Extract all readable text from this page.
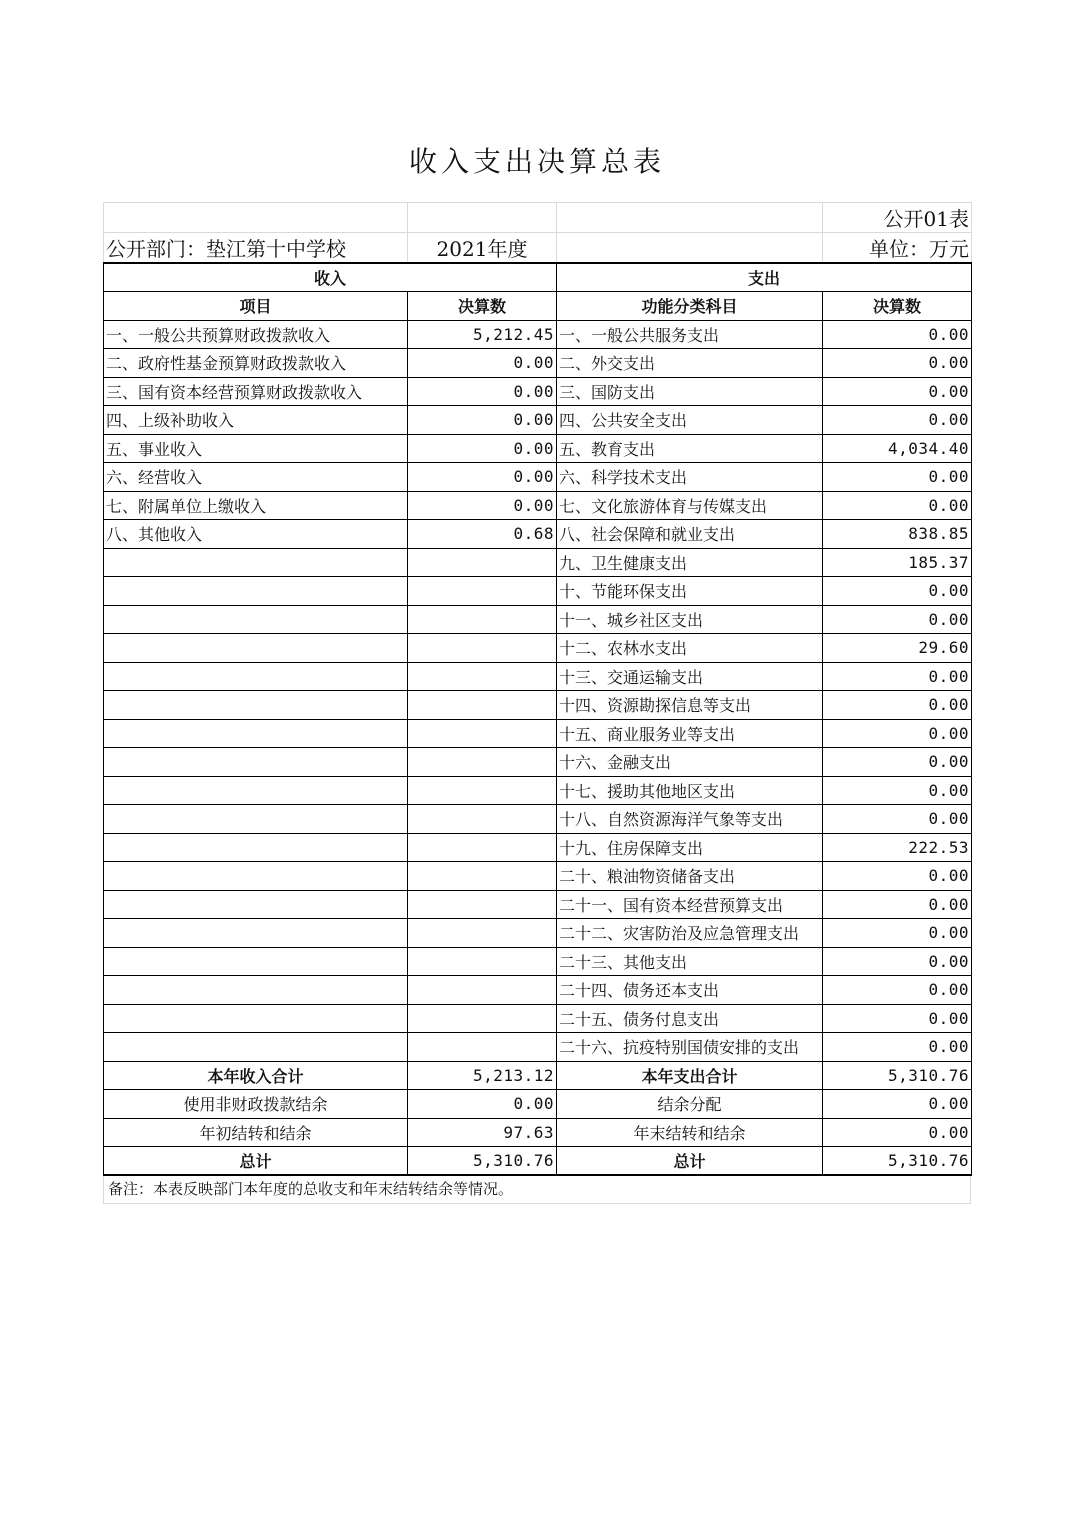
收入支出决算总表
			公开01表
公开部门：垫江第十中学校	2021年度		单位：万元
收入		支出	
项目	决算数	功能分类科目	决算数
一、一般公共预算财政拨款收入	5,212.45	一、一般公共服务支出	0.00
二、政府性基金预算财政拨款收入	0.00	二、外交支出	0.00
三、国有资本经营预算财政拨款收入	0.00	三、国防支出	0.00
四、上级补助收入	0.00	四、公共安全支出	0.00
五、事业收入	0.00	五、教育支出	4,034.40
六、经营收入	0.00	六、科学技术支出	0.00
七、附属单位上缴收入	0.00	七、文化旅游体育与传媒支出	0.00
八、其他收入	0.68	八、社会保障和就业支出	838.85
		九、卫生健康支出	185.37
		十、节能环保支出	0.00
		十一、城乡社区支出	0.00
		十二、农林水支出	29.60
		十三、交通运输支出	0.00
		十四、资源勘探信息等支出	0.00
		十五、商业服务业等支出	0.00
		十六、金融支出	0.00
		十七、援助其他地区支出	0.00
		十八、自然资源海洋气象等支出	0.00
		十九、住房保障支出	222.53
		二十、粮油物资储备支出	0.00
		二十一、国有资本经营预算支出	0.00
		二十二、灾害防治及应急管理支出	0.00
		二十三、其他支出	0.00
		二十四、债务还本支出	0.00
		二十五、债务付息支出	0.00
		二十六、抗疫特别国债安排的支出	0.00
本年收入合计	5,213.12	本年支出合计	5,310.76
使用非财政拨款结余	0.00	结余分配	0.00
年初结转和结余	97.63	年末结转和结余	0.00
总计	5,310.76	总计	5,310.76
备注：本表反映部门本年度的总收支和年末结转结余等情况。
